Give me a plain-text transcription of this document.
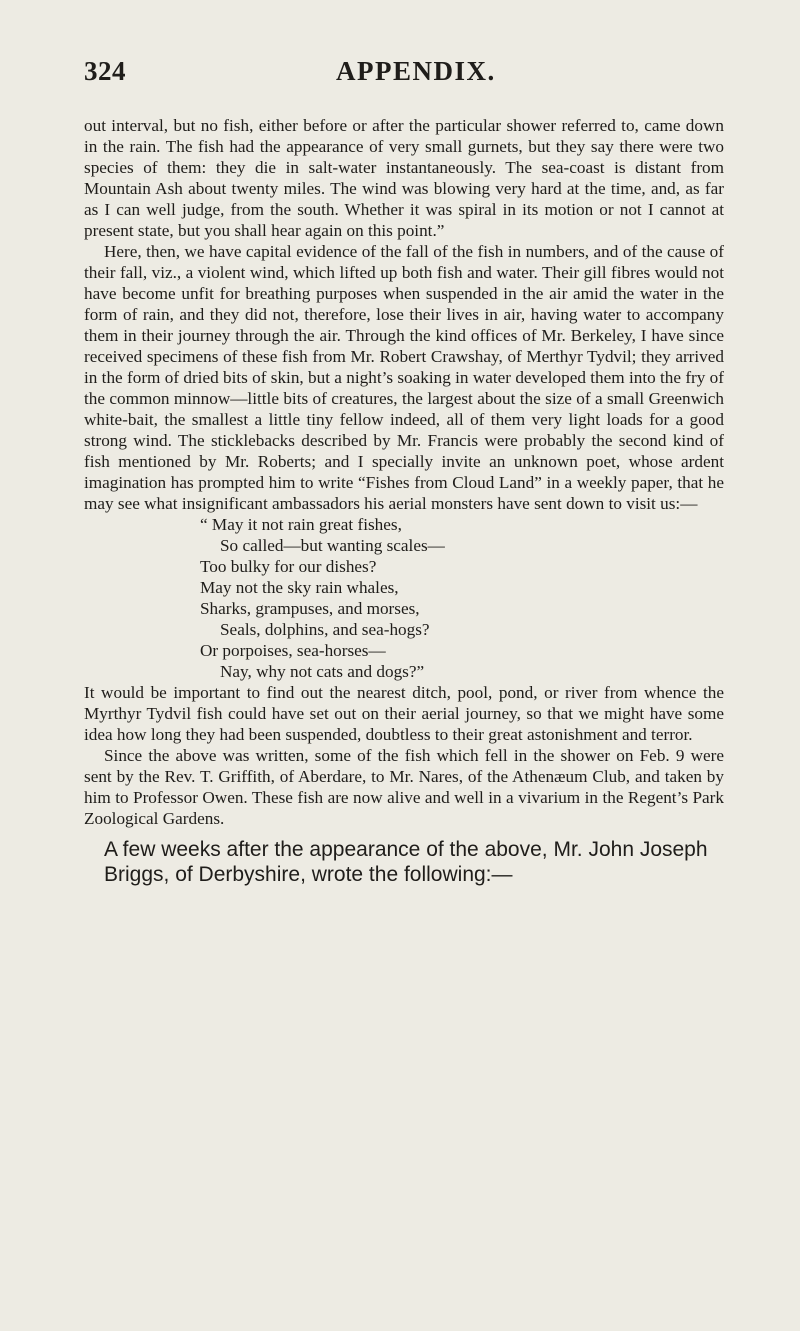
324	APPENDIX.

out interval, but no fish, either before or after the particular shower referred to, came down in the rain. The fish had the appearance of very small gurnets, but they say there were two species of them: they die in salt-water instantaneously. The sea-coast is distant from Mountain Ash about twenty miles. The wind was blowing very hard at the time, and, as far as I can well judge, from the south. Whether it was spiral in its motion or not I cannot at present state, but you shall hear again on this point.”

Here, then, we have capital evidence of the fall of the fish in numbers, and of the cause of their fall, viz., a violent wind, which lifted up both fish and water. Their gill fibres would not have become unfit for breathing purposes when suspended in the air amid the water in the form of rain, and they did not, therefore, lose their lives in air, having water to accompany them in their journey through the air. Through the kind offices of Mr. Berkeley, I have since received specimens of these fish from Mr. Robert Crawshay, of Merthyr Tydvil; they arrived in the form of dried bits of skin, but a night’s soaking in water developed them into the fry of the common minnow—little bits of creatures, the largest about the size of a small Greenwich white-bait, the smallest a little tiny fellow indeed, all of them very light loads for a good strong wind. The sticklebacks described by Mr. Francis were probably the second kind of fish mentioned by Mr. Roberts; and I specially invite an unknown poet, whose ardent imagination has prompted him to write “Fishes from Cloud Land” in a weekly paper, that he may see what insignificant ambassadors his aerial monsters have sent down to visit us:—

“ May it not rain great fishes,
So called—but wanting scales—
Too bulky for our dishes?
May not the sky rain whales,
Sharks, grampuses, and morses,
Seals, dolphins, and sea-hogs?
Or porpoises, sea-horses—
Nay, why not cats and dogs?”

It would be important to find out the nearest ditch, pool, pond, or river from whence the Myrthyr Tydvil fish could have set out on their aerial journey, so that we might have some idea how long they had been suspended, doubtless to their great astonishment and terror.

Since the above was written, some of the fish which fell in the shower on Feb. 9 were sent by the Rev. T. Griffith, of Aberdare, to Mr. Nares, of the Athenæum Club, and taken by him to Professor Owen. These fish are now alive and well in a vivarium in the Regent’s Park Zoological Gardens.

A few weeks after the appearance of the above, Mr. John Joseph Briggs, of Derbyshire, wrote the following:—
